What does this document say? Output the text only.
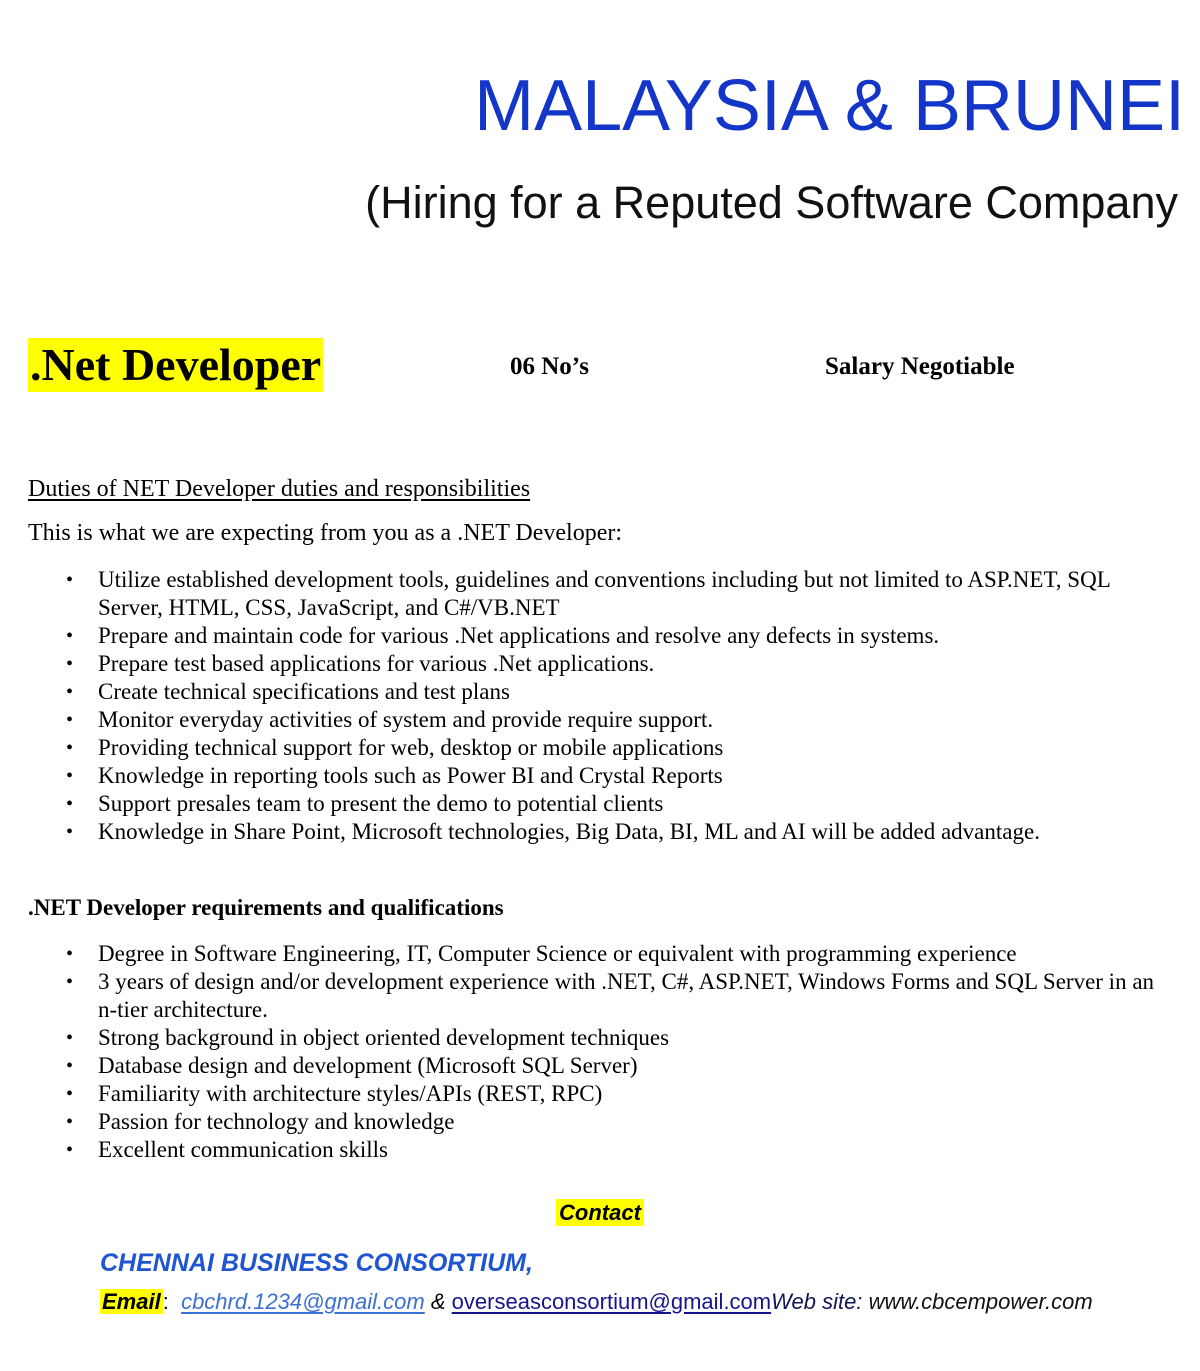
MALAYSIA & BRUNEI
(Hiring for a Reputed Software Company
.Net Developer	06 No’s	Salary Negotiable
Duties of NET Developer duties and responsibilities
This is what we are expecting from you as a .NET Developer:
• Utilize established development tools, guidelines and conventions including but not limited to ASP.NET, SQL Server, HTML, CSS, JavaScript, and C#/VB.NET
• Prepare and maintain code for various .Net applications and resolve any defects in systems.
• Prepare test based applications for various .Net applications.
• Create technical specifications and test plans
• Monitor everyday activities of system and provide require support.
• Providing technical support for web, desktop or mobile applications
• Knowledge in reporting tools such as Power BI and Crystal Reports
• Support presales team to present the demo to potential clients
• Knowledge in Share Point, Microsoft technologies, Big Data, BI, ML and AI will be added advantage.
.NET Developer requirements and qualifications
• Degree in Software Engineering, IT, Computer Science or equivalent with programming experience
• 3 years of design and/or development experience with .NET, C#, ASP.NET, Windows Forms and SQL Server in an n-tier architecture.
• Strong background in object oriented development techniques
• Database design and development (Microsoft SQL Server)
• Familiarity with architecture styles/APIs (REST, RPC)
• Passion for technology and knowledge
• Excellent communication skills
Contact
CHENNAI BUSINESS CONSORTIUM,
Email: cbchrd.1234@gmail.com & overseasconsortium@gmail.comWeb site: www.cbcempower.com
